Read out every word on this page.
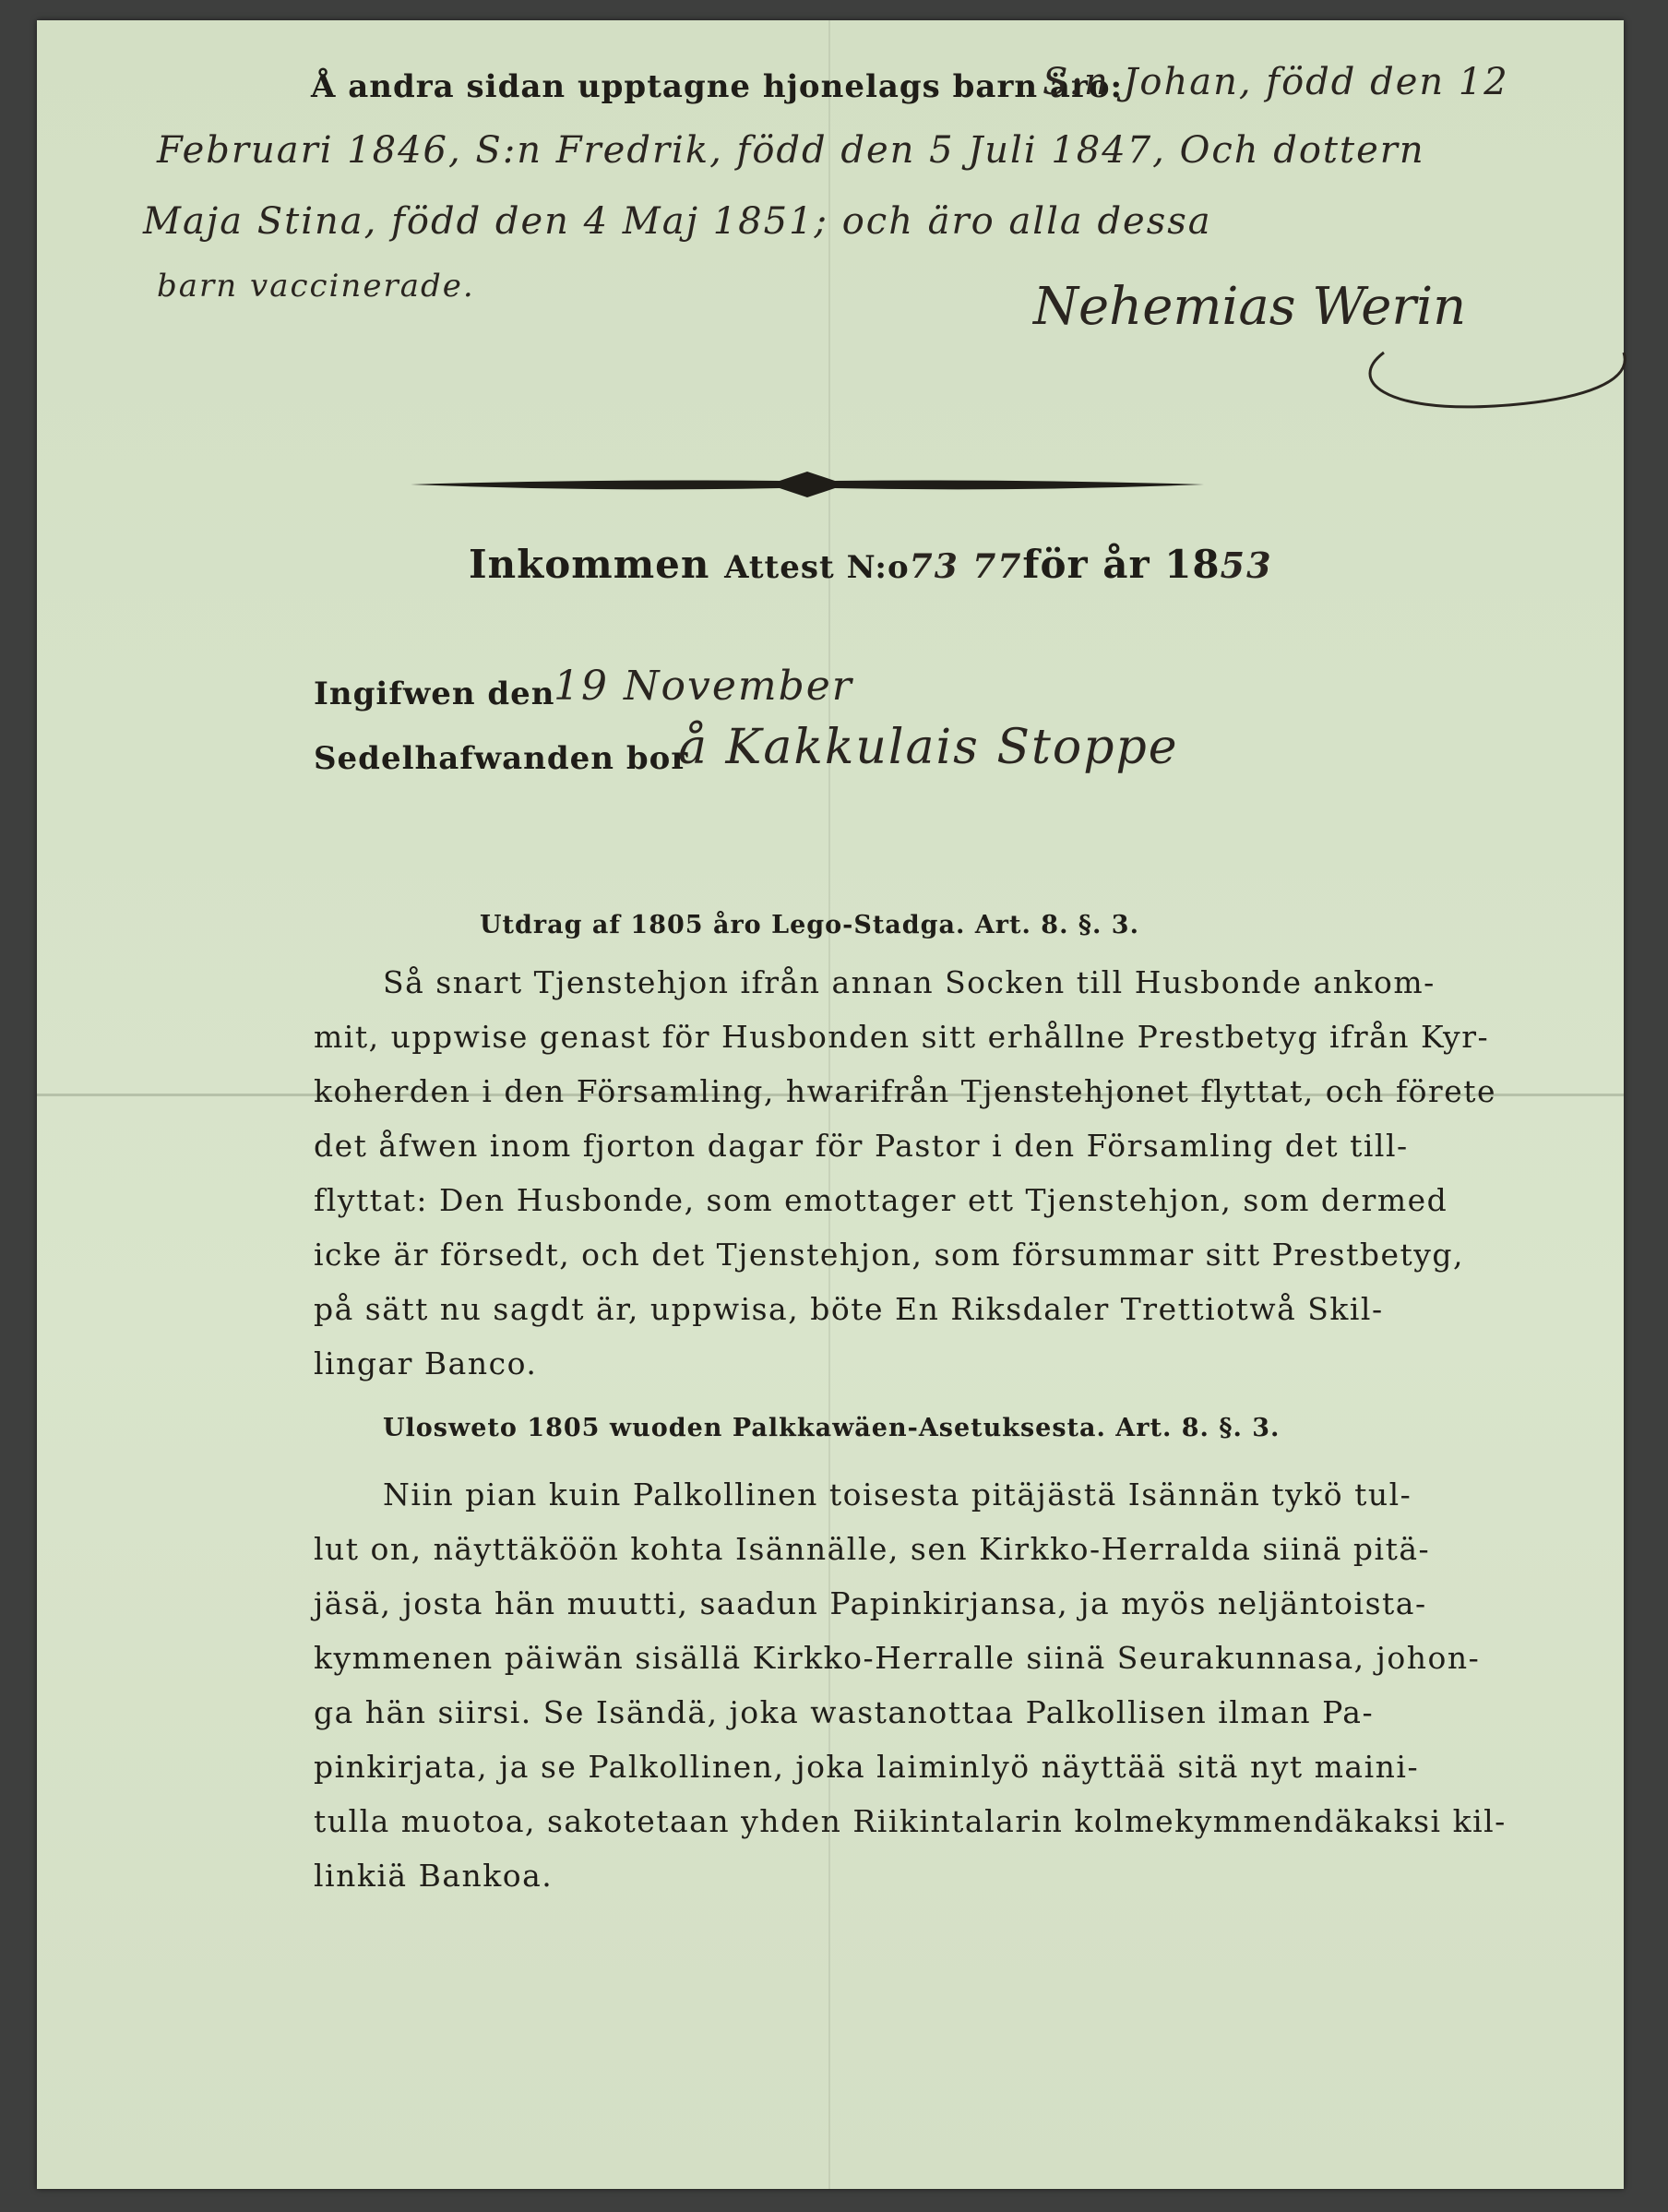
Å andra sidan upptagne hjonelags barn äro:
S:n Johan, född den 12
Februari 1846, S:n Fredrik, född den 5 Juli 1847, Och dottern
Maja Stina, född den 4 Maj 1851; och äro alla dessa
barn vaccinerade.	Nehemias Werin
Inkommen Attest N:o73 77för år 1853
Ingifwen den
19 November
Sedelhafwanden bor
å Kakkulais Stoppe
Utdrag af 1805 åro Lego-Stadga. Art. 8. §. 3.
Så snart Tjenstehjon ifrån annan Socken till Husbonde ankom-
mit, uppwise genast för Husbonden sitt erhållne Prestbetyg ifrån Kyr-
koherden i den Församling, hwarifrån Tjenstehjonet flyttat, och förete
det åfwen inom fjorton dagar för Pastor i den Församling det till-
flyttat: Den Husbonde, som emottager ett Tjenstehjon, som dermed
icke är försedt, och det Tjenstehjon, som försummar sitt Prestbetyg,
på sätt nu sagdt är, uppwisa, böte En Riksdaler Trettiotwå Skil-
lingar Banco.
Ulosweto 1805 wuoden Palkkawäen-Asetuksesta. Art. 8. §. 3.
Niin pian kuin Palkollinen toisesta pitäjästä Isännän tykö tul-
lut on, näyttäköön kohta Isännälle, sen Kirkko-Herralda siinä pitä-
jäsä, josta hän muutti, saadun Papinkirjansa, ja myös neljäntoista-
kymmenen päiwän sisällä Kirkko-Herralle siinä Seurakunnasa, johon-
ga hän siirsi. Se Isändä, joka wastanottaa Palkollisen ilman Pa-
pinkirjata, ja se Palkollinen, joka laiminlyö näyttää sitä nyt maini-
tulla muotoa, sakotetaan yhden Riikintalarin kolmekymmendäkaksi kil-
linkiä Bankoa.
